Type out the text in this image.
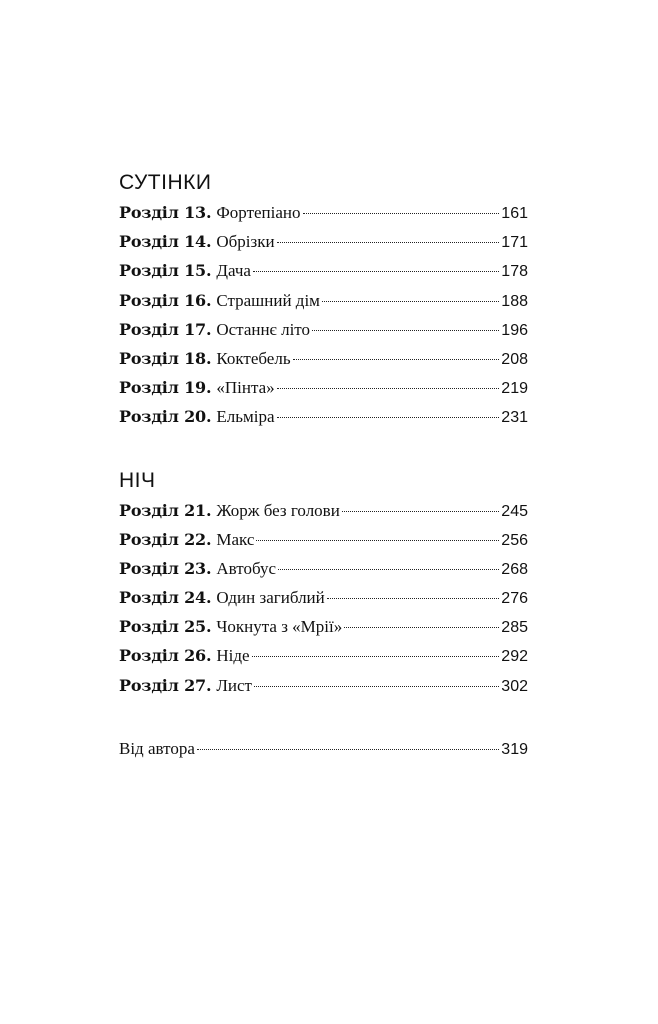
СУТІНКИ
Розділ 13. Фортепіано	161
Розділ 14. Обрізки	171
Розділ 15. Дача	178
Розділ 16. Страшний дім	188
Розділ 17. Останнє літо	196
Розділ 18. Коктебель	208
Розділ 19. «Пінта»	219
Розділ 20. Ельміра	231
НІЧ
Розділ 21. Жорж без голови	245
Розділ 22. Макс	256
Розділ 23. Автобус	268
Розділ 24. Один загиблий	276
Розділ 25. Чокнута з «Мрії»	285
Розділ 26. Ніде	292
Розділ 27. Лист	302
Від автора	319
